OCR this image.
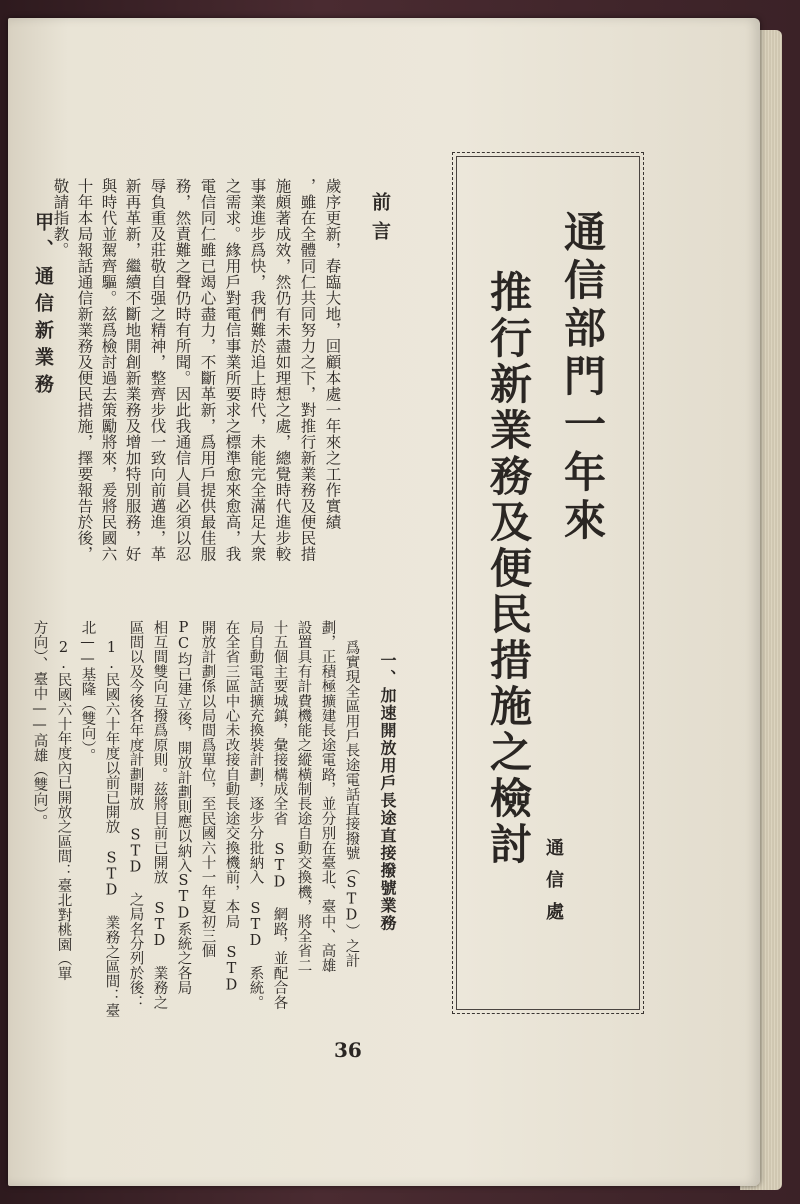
通信部門一年來
推行新業務及便民措施之檢討
通信處
前言
歲序更新，春臨大地，回顧本處一年來之工作實績
，雖在全體同仁共同努力之下，對推行新業務及便民措
施頗著成效，然仍有未盡如理想之處，總覺時代進步較
事業進步爲快，我們難於追上時代，未能完全滿足大衆
之需求。緣用戶對電信事業所要求之標準愈來愈高，我
電信同仁雖已竭心盡力，不斷革新，爲用戶提供最佳服
務，然責難之聲仍時有所聞。因此我通信人員必須以忍
辱負重及莊敬自强之精神，整齊步伐一致向前邁進，革
新再革新，繼續不斷地開創新業務及增加特別服務，好
與時代並駕齊驅。兹爲檢討過去策勵將來，爰將民國六
十年本局報話通信新業務及便民措施，擇要報告於後，
敬請指教。
甲、通信新業務
一、加速開放用戶長途直接撥號業務
爲實現全區用戶長途電話直接撥號（STD）之計
劃，正積極擴建長途電路，並分別在臺北、臺中、高雄
設置具有計費機能之縱橫制長途自動交換機，將全省二
十五個主要城鎮，彙接構成全省 STD 網路，並配合各
局自動電話擴充換裝計劃，逐步分批納入 STD 系統。
在全省三區中心未改接自動長途交換機前，本局 STD
開放計劃係以局間爲單位，至民國六十一年夏初三個
PC均已建立後，開放計劃則應以納入STD系統之各局
相互間雙向互撥爲原則。兹將目前已開放 STD 業務之
區間以及今後各年度計劃開放 STD 之局名分列於後：
1.民國六十年度以前已開放 STD 業務之區間：臺
北——基隆（雙向）。
2.民國六十年度內已開放之區間：臺北對桃園（單
方向）、臺中——高雄（雙向）。
36
